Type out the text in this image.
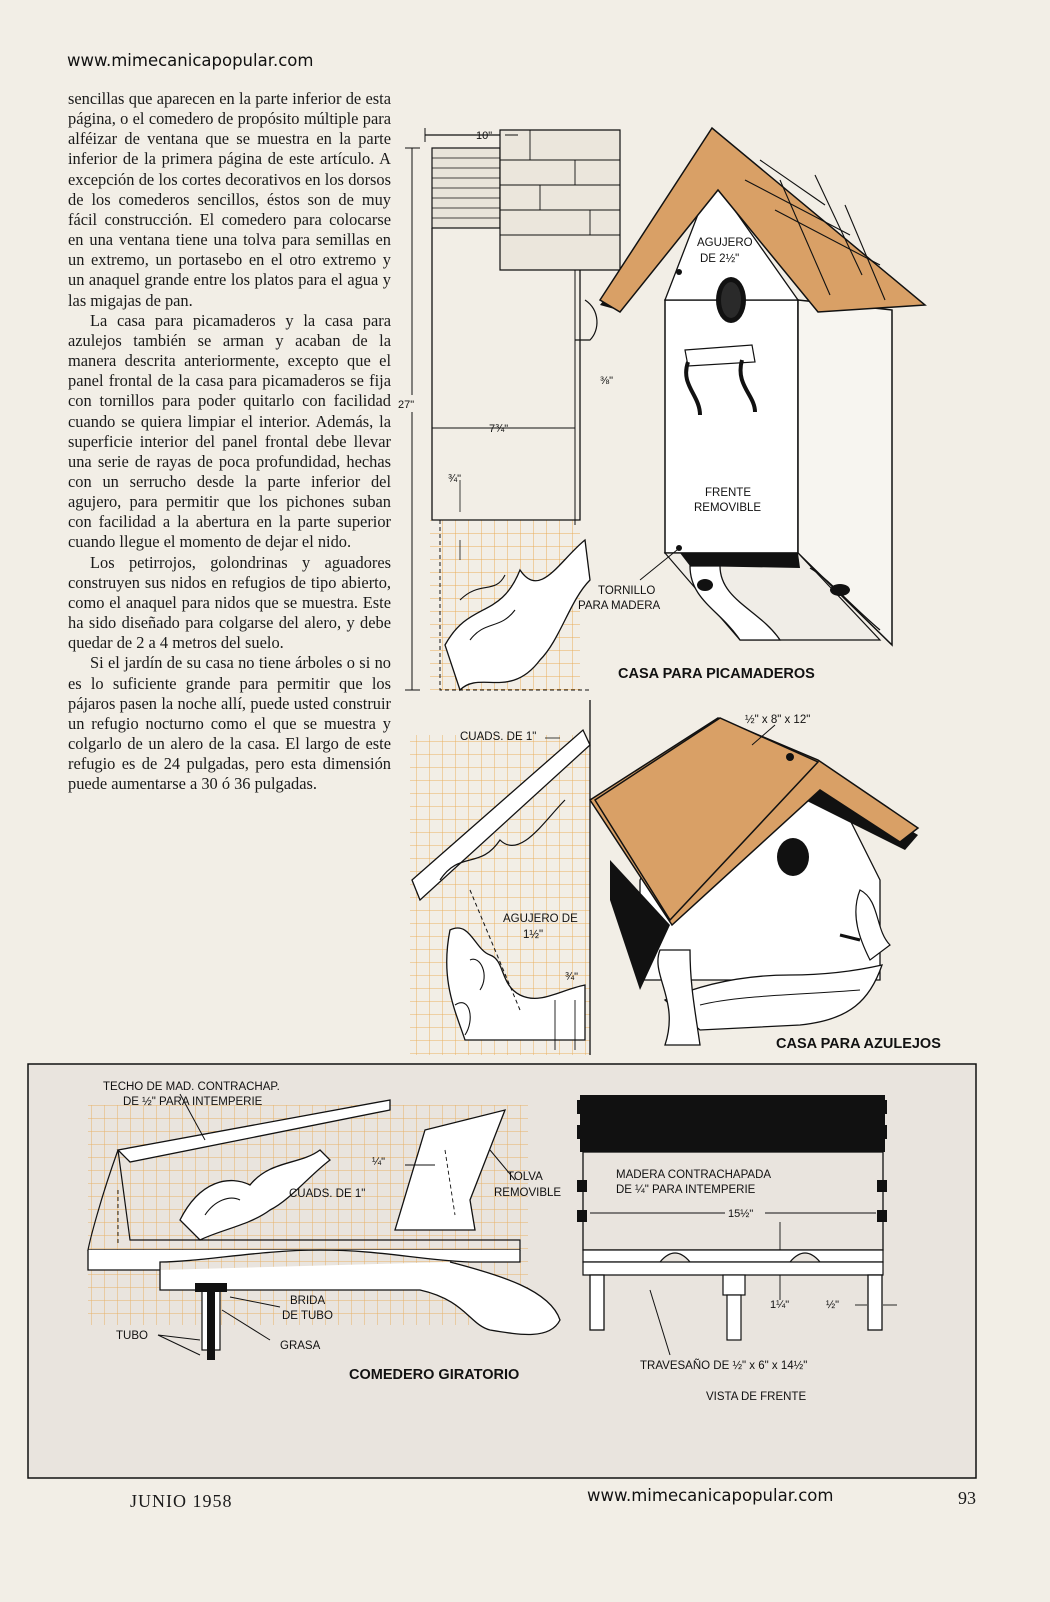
www.mimecanicapopular.com

sencillas que aparecen en la parte inferior de esta página, o el comedero de propósito múltiple para alféizar de ventana que se muestra en la parte inferior de la primera página de este artículo. A excepción de los cortes decorativos en los dorsos de los comederos sencillos, éstos son de muy fácil construcción. El comedero para colocarse en una ventana tiene una tolva para semillas en un extremo, un portasebo en el otro extremo y un anaquel grande entre los platos para el agua y las migajas de pan.

La casa para picamaderos y la casa para azulejos también se arman y acaban de la manera descrita anteriormente, excepto que el panel frontal de la casa para picamaderos se fija con tornillos para poder quitarlo con facilidad cuando se quiera limpiar el interior. Además, la superficie interior del panel frontal debe llevar una serie de rayas de poca profundidad, hechas con un serrucho desde la parte inferior del agujero, para permitir que los pichones suban con facilidad a la abertura en la parte superior cuando llegue el momento de dejar el nido.

Los petirrojos, golondrinas y aguadores construyen sus nidos en refugios de tipo abierto, como el anaquel para nidos que se muestra. Este ha sido diseñado para colgarse del alero, y debe quedar de 2 a 4 metros del suelo.

Si el jardín de su casa no tiene árboles o si no es lo suficiente grande para permitir que los pájaros pasen la noche allí, puede usted construir un refugio nocturno como el que se muestra y colgarlo de un alero de la casa. El largo de este refugio es de 24 pulgadas, pero esta dimensión puede aumentarse a 30 ó 36 pulgadas.

10"
27"
7¾"
⅜"
¾"
AGUJERO
DE 2½"
FRENTE
REMOVIBLE
TORNILLO
PARA MADERA
CASA PARA PICAMADEROS
CUADS. DE 1"
AGUJERO DE
1½"
¾"
½" x 8" x 12"
CASA PARA AZULEJOS
TECHO DE MAD. CONTRACHAP.
DE ½" PARA INTEMPERIE
¼"
CUADS. DE 1"
TOLVA
REMOVIBLE
BRIDA
DE TUBO
GRASA
TUBO
COMEDERO GIRATORIO
MADERA CONTRACHAPADA
DE ¼" PARA INTEMPERIE
15½"
1¼"	½"
TRAVESAÑO DE ½" x 6" x 14½"
VISTA DE FRENTE
JUNIO 1958	www.mimecanicapopular.com	93
